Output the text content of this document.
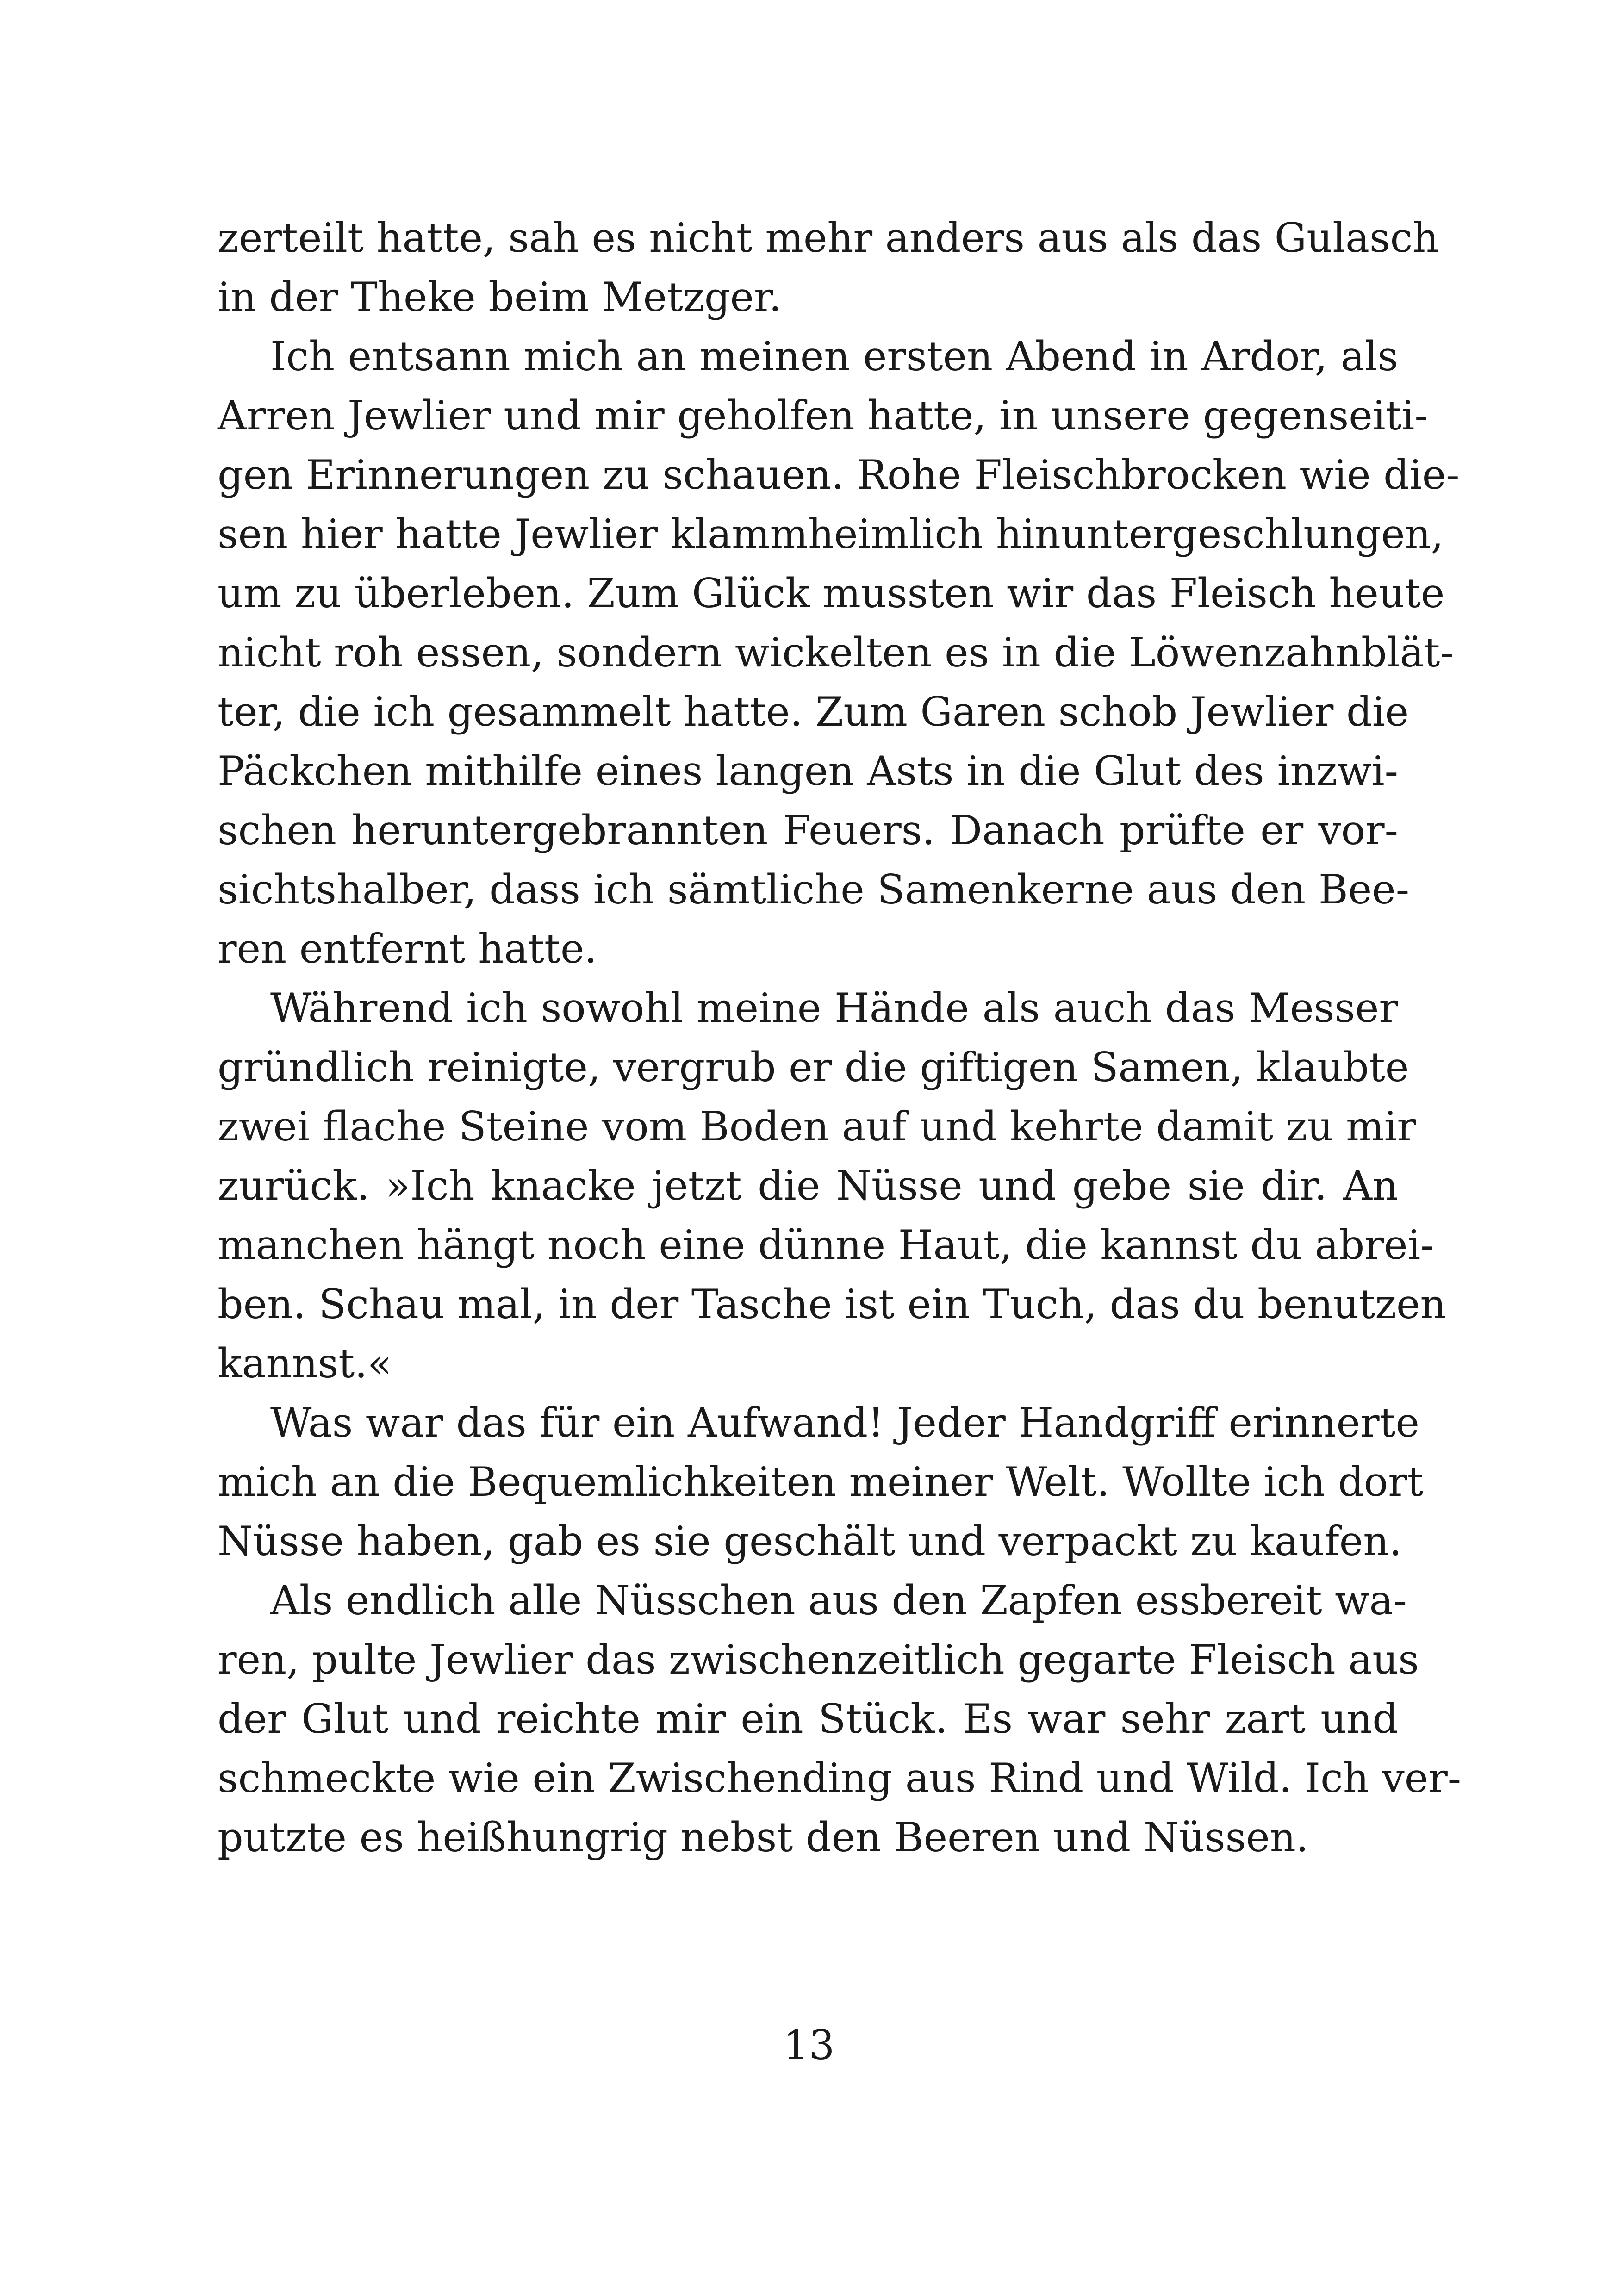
zerteilt hatte, sah es nicht mehr anders aus als das Gulasch
in der Theke beim Metzger.
Ich entsann mich an meinen ersten Abend in Ardor, als
Arren Jewlier und mir geholfen hatte, in unsere gegenseiti-
gen Erinnerungen zu schauen. Rohe Fleischbrocken wie die-
sen hier hatte Jewlier klammheimlich hinuntergeschlungen,
um zu überleben. Zum Glück mussten wir das Fleisch heute
nicht roh essen, sondern wickelten es in die Löwenzahnblät-
ter, die ich gesammelt hatte. Zum Garen schob Jewlier die
Päckchen mithilfe eines langen Asts in die Glut des inzwi-
schen heruntergebrannten Feuers. Danach prüfte er vor-
sichtshalber, dass ich sämtliche Samenkerne aus den Bee-
ren entfernt hatte.
Während ich sowohl meine Hände als auch das Messer
gründlich reinigte, vergrub er die giftigen Samen, klaubte
zwei flache Steine vom Boden auf und kehrte damit zu mir
zurück. »Ich knacke jetzt die Nüsse und gebe sie dir. An
manchen hängt noch eine dünne Haut, die kannst du abrei-
ben. Schau mal, in der Tasche ist ein Tuch, das du benutzen
kannst.«
Was war das für ein Aufwand! Jeder Handgriff erinnerte
mich an die Bequemlichkeiten meiner Welt. Wollte ich dort
Nüsse haben, gab es sie geschält und verpackt zu kaufen.
Als endlich alle Nüsschen aus den Zapfen essbereit wa-
ren, pulte Jewlier das zwischenzeitlich gegarte Fleisch aus
der Glut und reichte mir ein Stück. Es war sehr zart und
schmeckte wie ein Zwischending aus Rind und Wild. Ich ver-
putzte es heißhungrig nebst den Beeren und Nüssen.
13
